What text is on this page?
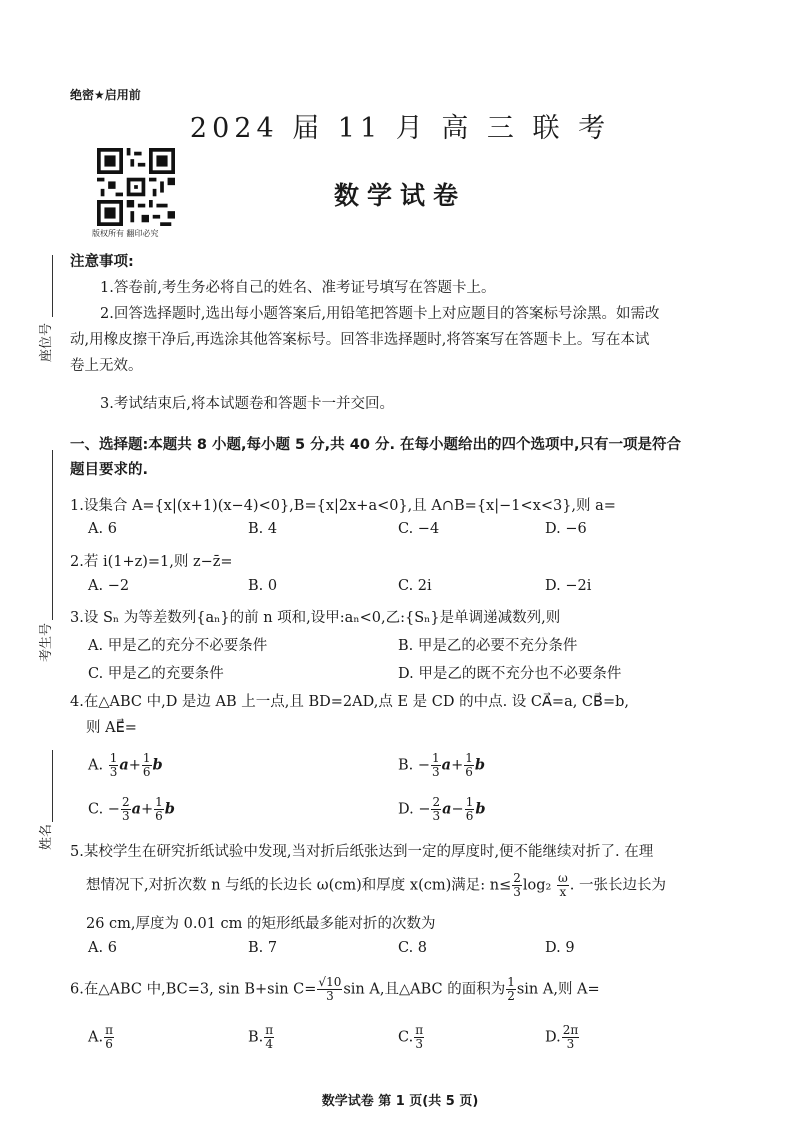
绝密★启用前
2024 届 11 月 高 三 联 考
数学试卷
版权所有 翻印必究
座位号
考生号
姓名
注意事项:
1.答卷前,考生务必将自己的姓名、准考证号填写在答题卡上。
2.回答选择题时,选出每小题答案后,用铅笔把答题卡上对应题目的答案标号涂黑。如需改
动,用橡皮擦干净后,再选涂其他答案标号。回答非选择题时,将答案写在答题卡上。写在本试
卷上无效。
3.考试结束后,将本试题卷和答题卡一并交回。
一、选择题:本题共 8 小题,每小题 5 分,共 40 分. 在每小题给出的四个选项中,只有一项是符合
题目要求的.
1.设集合 A={x|(x+1)(x−4)<0},B={x|2x+a<0},且 A∩B={x|−1<x<3},则 a=
A. 6	B. 4	C. −4	D. −6
2.若 i(1+z)=1,则 z−z̄=
A. −2	B. 0	C. 2i	D. −2i
3.设 Sₙ 为等差数列{aₙ}的前 n 项和,设甲:aₙ<0,乙:{Sₙ}是单调递减数列,则
A. 甲是乙的充分不必要条件	B. 甲是乙的必要不充分条件
C. 甲是乙的充要条件	D. 甲是乙的既不充分也不必要条件
4.在△ABC 中,D 是边 AB 上一点,且 BD=2AD,点 E 是 CD 的中点. 设 CA⃗=a, CB⃗=b,
则 AE⃗=
A. $\frac{1}{3} a+ \frac{1}{6}$ b	B. − $\frac{1}{3} a+ \frac{1}{6}$ b
C. − $\frac{2}{3} a+ \frac{1}{6}$ b	D. − $\frac{2}{3} a- \frac{1}{6}$ b
5.某校学生在研究折纸试验中发现,当对折后纸张达到一定的厚度时,便不能继续对折了. 在理
想情况下,对折次数 n 与纸的长边长 ω(cm)和厚度 x(cm)满足: $n\le \frac{2}{3} \log_2 \frac{\omega}{x}$ . 一张长边长为
26 cm,厚度为 0.01 cm 的矩形纸最多能对折的次数为
A. 6	B. 7	C. 8	D. 9
6.在△ABC 中,BC=3, sin B+sin $C= \frac{√10}{3}$ sin A,且△ABC 的面积为 $\frac{1}{2}$ sin A,则 A=
A. $\frac{\pi}{6}$	B. $\frac{\pi}{4}$	C. $\frac{\pi}{3}$	D. $\frac{2\pi}{3}$
数学试卷 第 1 页(共 5 页)
